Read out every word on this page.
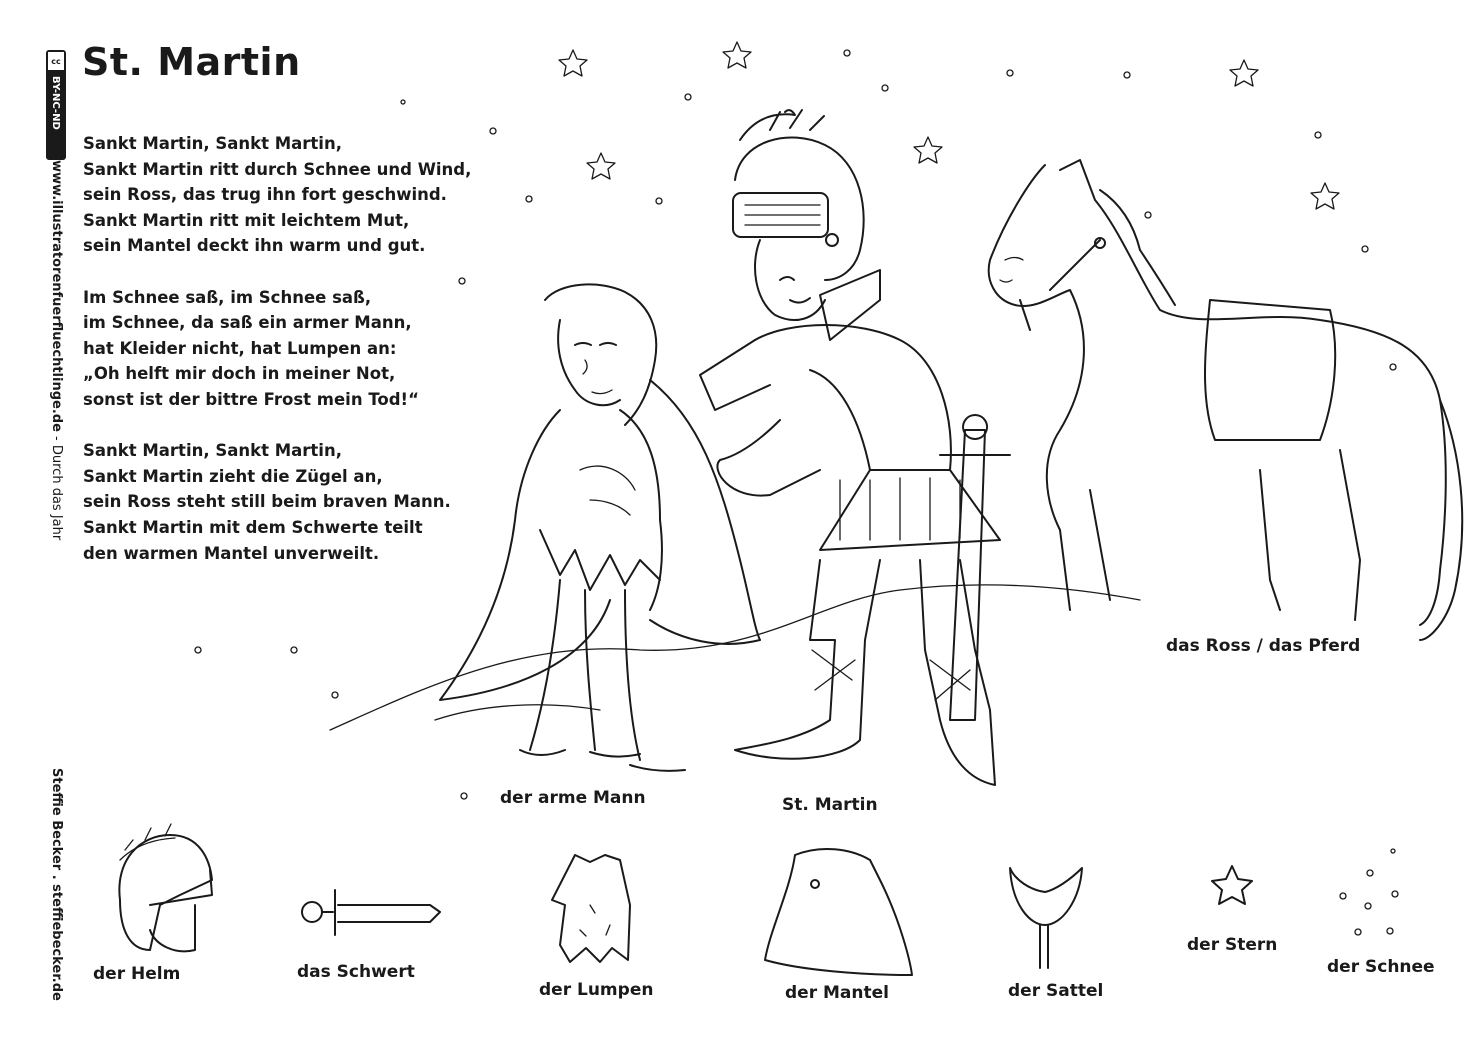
St. Martin
Sankt Martin, Sankt Martin,
Sankt Martin ritt durch Schnee und Wind,
sein Ross, das trug ihn fort geschwind.
Sankt Martin ritt mit leichtem Mut,
sein Mantel deckt ihn warm und gut.
Im Schnee saß, im Schnee saß,
im Schnee, da saß ein armer Mann,
hat Kleider nicht, hat Lumpen an:
„Oh helft mir doch in meiner Not,
sonst ist der bittre Frost mein Tod!“
Sankt Martin, Sankt Martin,
Sankt Martin zieht die Zügel an,
sein Ross steht still beim braven Mann.
Sankt Martin mit dem Schwerte teilt
den warmen Mantel unverweilt.
cc
BY-NC-ND
www.illustratorenfuerfluechtlinge.de - Durch das Jahr
Steffie Becker . steffiebecker.de	der arme Mann	St. Martin
das Ross / das Pferd
der Helm	das Schwert
der Lumpen	der Mantel	der Sattel
der Stern
der Schnee
